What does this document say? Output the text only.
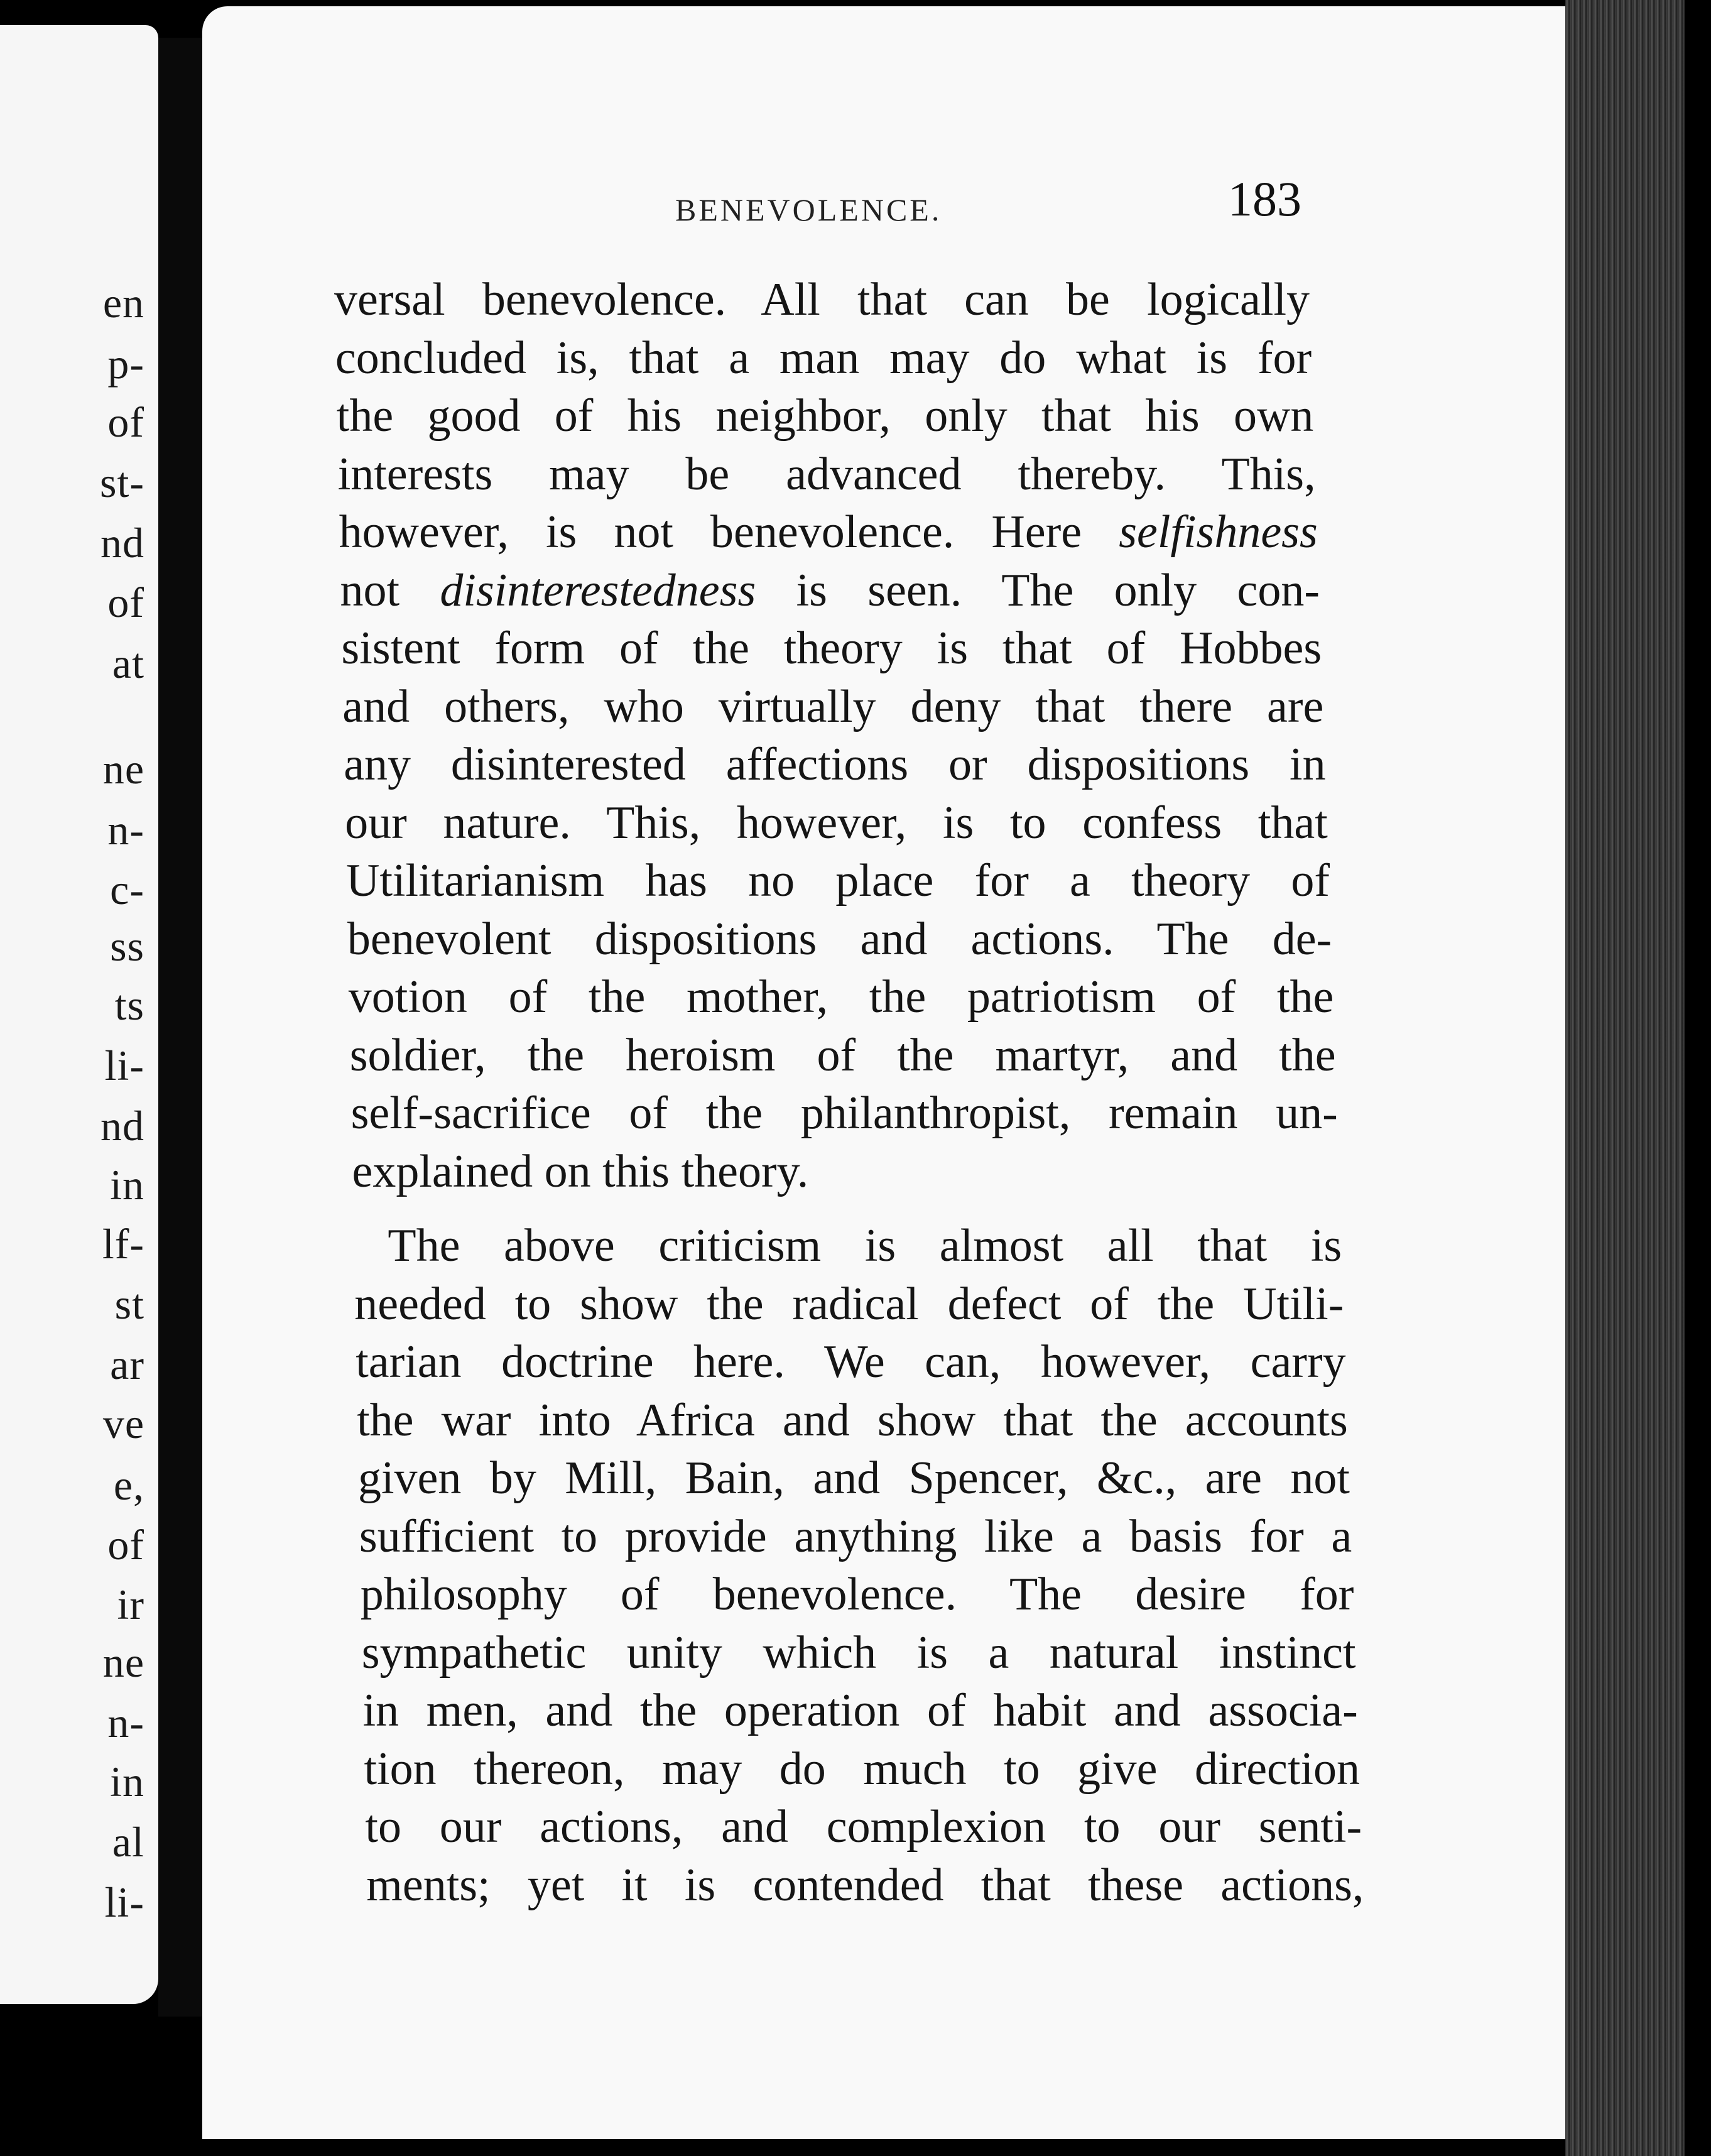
en
p-
of
st-
nd
of
at
ne
n-
c-
ss
ts
li-
nd
in
lf-
st
ar
ve
e,
of
ir
ne
n-
in
al
li-
BENEVOLENCE.	183
versal benevolence. All that can be logically
concluded is, that a man may do what is for
the good of his neighbor, only that his own
interests may be advanced thereby. This,
however, is not benevolence. Here selfishness
not disinterestedness is seen. The only con-
sistent form of the theory is that of Hobbes
and others, who virtually deny that there are
any disinterested affections or dispositions in
our nature. This, however, is to confess that
Utilitarianism has no place for a theory of
benevolent dispositions and actions. The de-
votion of the mother, the patriotism of the
soldier, the heroism of the martyr, and the
self-sacrifice of the philanthropist, remain un-
explained on this theory.
The above criticism is almost all that is
needed to show the radical defect of the Utili-
tarian doctrine here. We can, however, carry
the war into Africa and show that the accounts
given by Mill, Bain, and Spencer, &c., are not
sufficient to provide anything like a basis for a
philosophy of benevolence. The desire for
sympathetic unity which is a natural instinct
in men, and the operation of habit and associa-
tion thereon, may do much to give direction
to our actions, and complexion to our senti-
ments; yet it is contended that these actions,
